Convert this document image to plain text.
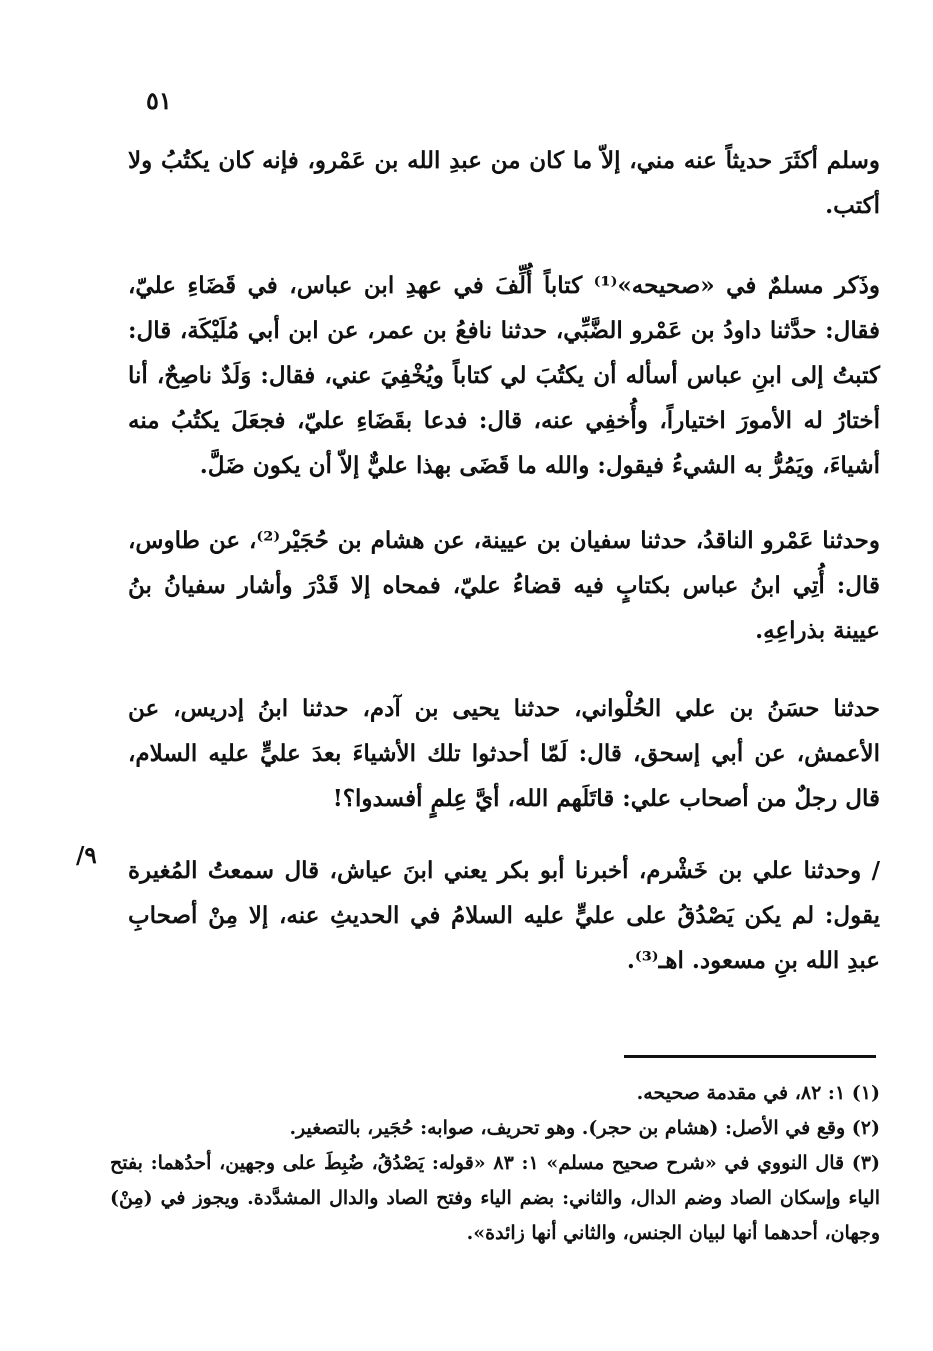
٥١

وسلم أكثَرَ حديثاً عنه مني، إلاّ ما كان من عبدِ الله بن عَمْرو، فإنه كان يكتُبُ ولا أكتب.

وذَكر مسلمٌ في «صحيحه»⁽¹⁾ كتاباً أُلِّفَ في عهدِ ابن عباس، في قَضَاءِ عليّ، فقال: حدَّثنا داودُ بن عَمْرو الضَّبِّي، حدثنا نافعُ بن عمر، عن ابن أبي مُلَيْكَة، قال: كتبتُ إلى ابنِ عباس أسأله أن يكتُبَ لي كتاباً ويُخْفِيَ عني، فقال: وَلَدٌ ناصِحٌ، أنا أختارُ له الأمورَ اختياراً، وأُخفِي عنه، قال: فدعا بقَضَاءِ عليّ، فجعَلَ يكتُبُ منه أشياءَ، ويَمُرُّ به الشيءُ فيقول: والله ما قَضَى بهذا عليٌّ إلاّ أن يكون ضَلَّ.

وحدثنا عَمْرو الناقدُ، حدثنا سفيان بن عيينة، عن هشام بن حُجَيْر⁽²⁾، عن طاوس، قال: أُتِي ابنُ عباس بكتابٍ فيه قضاءُ عليّ، فمحاه إلا قَدْرَ وأشار سفيانُ بنُ عيينة بذراعِهِ.

حدثنا حسَنُ بن علي الحُلْواني، حدثنا يحيى بن آدم، حدثنا ابنُ إدريس، عن الأعمش، عن أبي إسحق، قال: لَمّا أحدثوا تلك الأشياءَ بعدَ عليٍّ عليه السلام، قال رجلٌ من أصحاب علي: قاتَلَهم الله، أيَّ عِلمٍ أفسدوا؟!

/ وحدثنا علي بن خَشْرم، أخبرنا أبو بكر يعني ابنَ عياش، قال سمعتُ المُغيرة يقول: لم يكن يَصْدُقُ على عليٍّ عليه السلامُ في الحديثِ عنه، إلا مِنْ أصحابِ عبدِ الله بنِ مسعود. اهـ⁽³⁾.

٩/

(١) ١: ٨٢، في مقدمة صحيحه.

(٢) وقع في الأصل: (هشام بن حجر). وهو تحريف، صوابه: حُجَير، بالتصغير.

(٣) قال النووي في «شرح صحيح مسلم» ١: ٨٣ «قوله: يَصْدُقُ، ضُبِطَ على وجهين، أحدُهما: بفتح الياء وإسكان الصاد وضم الدال، والثاني: بضم الياء وفتح الصاد والدال المشدَّدة. ويجوز في (مِنْ) وجهان، أحدهما أنها لبيان الجنس، والثاني أنها زائدة».
